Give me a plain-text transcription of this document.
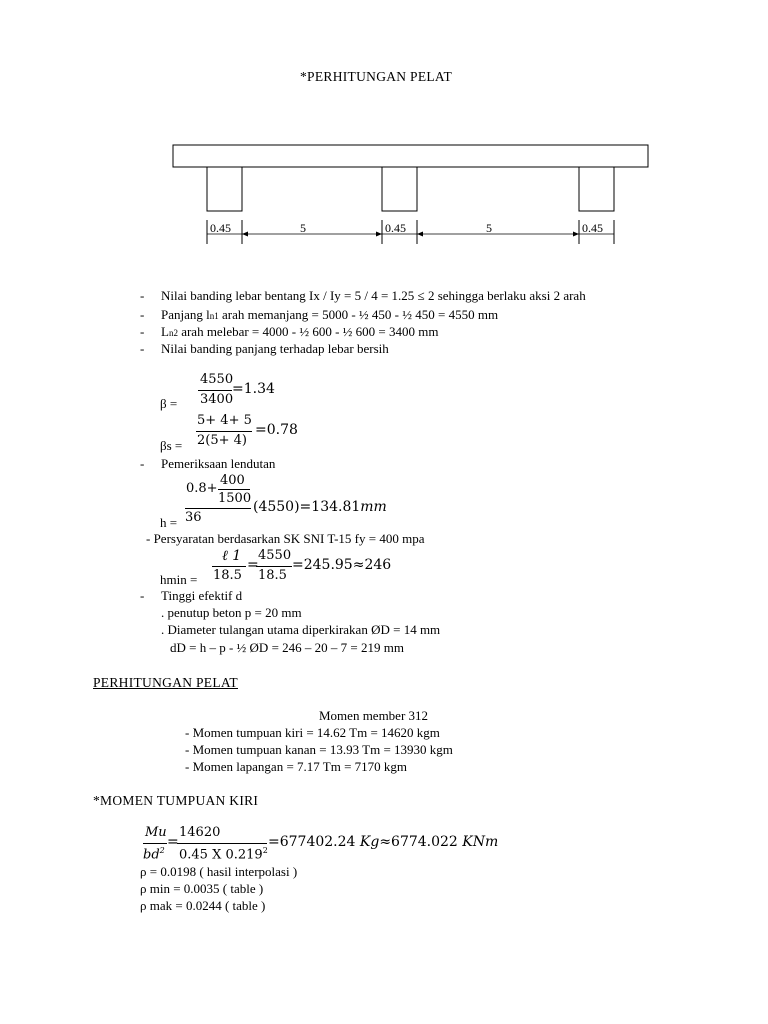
*PERHITUNGAN PELAT
0.45	5	0.45	5	0.45
- Nilai banding lebar bentang Ix / Iy = 5 / 4 = 1.25 ≤ 2 sehingga berlaku aksi 2 arah
- Panjang ln1 arah memanjang = 5000 - ½ 450 - ½ 450 = 4550 mm
- Ln2 arah melebar = 4000 - ½ 600 - ½ 600 = 3400 mm
- Nilai banding panjang terhadap lebar bersih
4550
3400
=1.34
β =
5+ 4+ 5
2(5+ 4)
=0.78
βs =
- Pemeriksaan lendutan
0.8+
400
1500
36
(4550)=134.81mm
h =
- Persyaratan berdasarkan SK SNI T-15 fy = 400 mpa
ℓ 1
18.5
=
4550
18.5
=245.95≈246
hmin =
- Tinggi efektif d
. penutup beton p = 20 mm
. Diameter tulangan utama diperkirakan ØD = 14 mm
dD = h – p - ½ ØD = 246 – 20 – 7 = 219 mm
PERHITUNGAN PELAT
Momen member 312
- Momen tumpuan kiri = 14.62 Tm = 14620 kgm
- Momen tumpuan kanan = 13.93 Tm = 13930 kgm
- Momen lapangan = 7.17 Tm = 7170 kgm
*MOMEN TUMPUAN KIRI
Mu
$bd^2$
=
14620
0.45 X $0.219^2$
=677402.24 Kg≈6774.022 KNm
ρ = 0.0198 ( hasil interpolasi )
ρ min = 0.0035 ( table )
ρ mak = 0.0244 ( table )
